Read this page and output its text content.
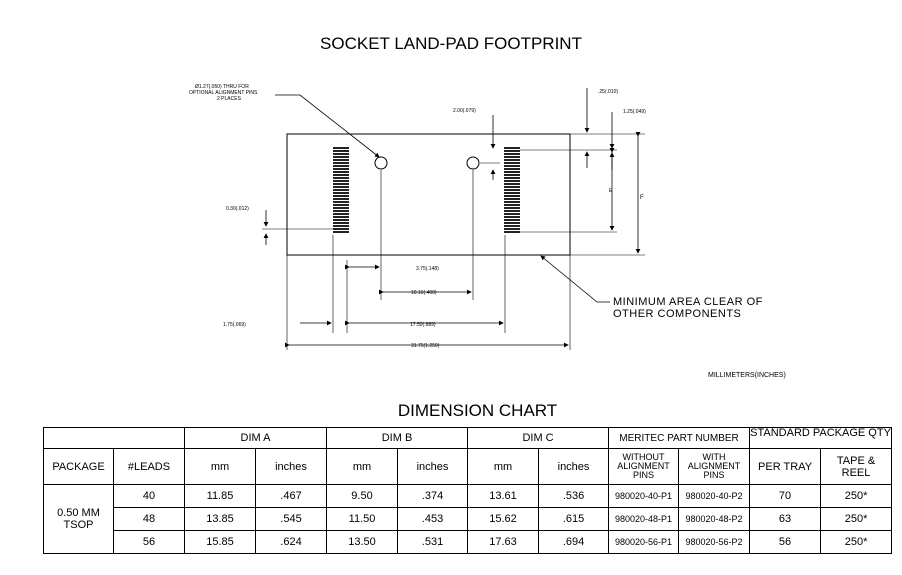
SOCKET LAND-PAD FOOTPRINT
Ø1.27(.050) THRU FOR
OPTIONAL ALIGNMENT PINS
2 PLACES
.25(.010)
1.25(.049)
2.00(.079)
0.30(.012)
3.75(.148)
10.16(.400)
1.75(.069)	17.50(.689)
31.75(1.250)
E
F
MINIMUM AREA CLEAR OF
OTHER COMPONENTS
MILLIMETERS(INCHES)
DIMENSION CHART
		DIM A		DIM B		DIM C		MERITEC PART NUMBER		STANDARD PACKAGE QTY	
PACKAGE	#LEADS	mm	inches	mm	inches	mm	inches	WITHOUT ALIGNMENT PINS	WITH ALIGNMENT PINS	PER TRAY	TAPE & REEL
0.50 MM TSOP	40	11.85	.467	9.50	.374	13.61	.536	980020-40-P1	980020-40-P2	70	250*
	48	13.85	.545	11.50	.453	15.62	.615	980020-48-P1	980020-48-P2	63	250*
	56	15.85	.624	13.50	.531	17.63	.694	980020-56-P1	980020-56-P2	56	250*
